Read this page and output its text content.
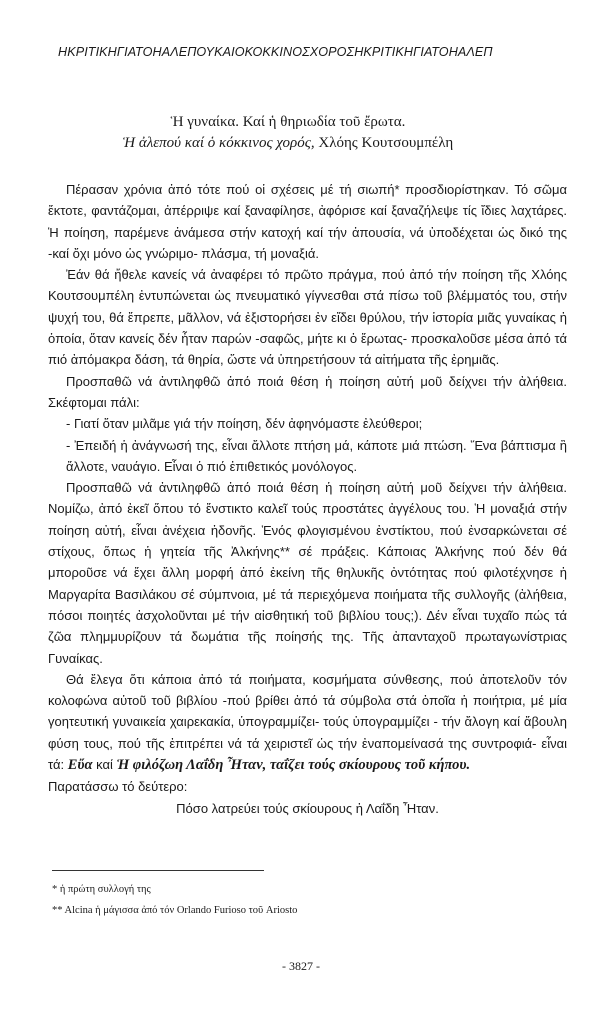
ΗΚΡΙΤΙΚΗΓΙΑΤΟΗΑΛΕΠΟΥΚΑΙΟΚΟΚΚΙΝΟΣΧΟΡΟΣΗΚΡΙΤΙΚΗΓΙΑΤΟΗΑΛΕΠ
Ἡ γυναίκα. Καί ἡ θηριωδία τοῦ ἔρωτα.
Ἡ ἀλεπού καί ὁ κόκκινος χορός, Χλόης Κουτσουμπέλη

Πέρασαν χρόνια ἀπό τότε πού οἱ σχέσεις μέ τή σιωπή* προσδιορίστηκαν. Τό σῶμα ἔκτοτε, φαντάζομαι, ἀπέρριψε καί ξαναφίλησε, ἀφόρισε καί ξαναζήλεψε τίς ἴδιες λαχτάρες. Ἡ ποίηση, παρέμενε ἀνάμεσα στήν κατοχή καί τήν ἀπουσία, νά ὑποδέχεται ὡς δικό της -καί ὄχι μόνο ὡς γνώριμο- πλάσμα, τή μοναξιά.

Ἐάν θά ἤθελε κανείς νά ἀναφέρει τό πρῶτο πράγμα, πού ἀπό τήν ποίηση τῆς Χλόης Κουτσουμπέλη ἐντυπώνεται ὡς πνευματικό γίγνεσθαι στά πίσω τοῦ βλέμματός του, στήν ψυχή του, θά ἔπρεπε, μᾶλλον, νά ἐξιστορήσει ἐν εἴδει θρύλου, τήν ἱστορία μιᾶς γυναίκας ἡ ὁποία, ὅταν κανείς δέν ἦταν παρών -σαφῶς, μήτε κι ὁ ἔρωτας- προσκαλοῦσε μέσα ἀπό τά πιό ἀπόμακρα δάση, τά θηρία, ὥστε νά ὑπηρετήσουν τά αἰτήματα τῆς ἐρημιᾶς.

Προσπαθῶ νά ἀντιληφθῶ ἀπό ποιά θέση ἡ ποίηση αὐτή μοῦ δείχνει τήν ἀλήθεια. Σκέφτομαι πάλι:

- Γιατί ὅταν μιλᾶμε γιά τήν ποίηση, δέν ἀφηνόμαστε ἐλεύθεροι;

- Ἐπειδή ἡ ἀνάγνωσή της, εἶναι ἄλλοτε πτήση μά, κάποτε μιά πτώση. Ἕνα βάπτισμα ἢ ἄλλοτε, ναυάγιο. Εἶναι ὁ πιό ἐπιθετικός μονόλογος.

Προσπαθῶ νά ἀντιληφθῶ ἀπό ποιά θέση ἡ ποίηση αὐτή μοῦ δείχνει τήν ἀλήθεια. Νομίζω, ἀπό ἐκεῖ ὅπου τό ἔνστικτο καλεῖ τούς προστάτες ἀγγέλους του. Ἡ μοναξιά στήν ποίηση αὐτή, εἶναι ἀνέχεια ἡδονῆς. Ἑνός φλογισμένου ἐνστίκτου, πού ἐνσαρκώνεται σέ στίχους, ὅπως ἡ γητεία τῆς Ἀλκήνης** σέ πράξεις. Κάποιας Ἀλκήνης πού δέν θά μποροῦσε νά ἔχει ἄλλη μορφή ἀπό ἐκείνη τῆς θηλυκῆς ὀντότητας πού φιλοτέχνησε ἡ Μαργαρίτα Βασιλάκου σέ σύμπνοια, μέ τά περιεχόμενα ποιήματα τῆς συλλογῆς (ἀλήθεια, πόσοι ποιητές ἀσχολοῦνται μέ τήν αἰσθητική τοῦ βιβλίου τους;). Δέν εἶναι τυχαῖο πώς τά ζῶα πλημμυρίζουν τά δωμάτια τῆς ποίησής της. Τῆς ἀπανταχοῦ πρωταγωνίστριας Γυναίκας.

Θά ἔλεγα ὅτι κάποια ἀπό τά ποιήματα, κοσμήματα σύνθεσης, πού ἀποτελοῦν τόν κολοφώνα αὐτοῦ τοῦ βιβλίου -πού βρίθει ἀπό τά σύμβολα στά ὁποῖα ἡ ποιήτρια, μέ μία γοητευτική γυναικεία χαιρεκακία, ὑπογραμμίζει- τούς ὑπογραμμίζει - τήν ἄλογη καί ἄβουλη φύση τους, πού τῆς ἐπιτρέπει νά τά χειριστεῖ ὡς τήν ἐναπομείνασά της συντροφιά- εἶναι τά: Εὔα καί Ἡ φιλόζωη Λαΐδη Ἦταν, ταΐζει τούς σκίουρους τοῦ κήπου.

Παρατάσσω τό δεύτερο:

Πόσο λατρεύει τούς σκίουρους ἡ Λαΐδη Ἦταν.

* ἡ πρώτη συλλογή της
** Alcina ἡ μάγισσα ἀπό τόν Orlando Furioso τοῦ Ariosto
- 3827 -
